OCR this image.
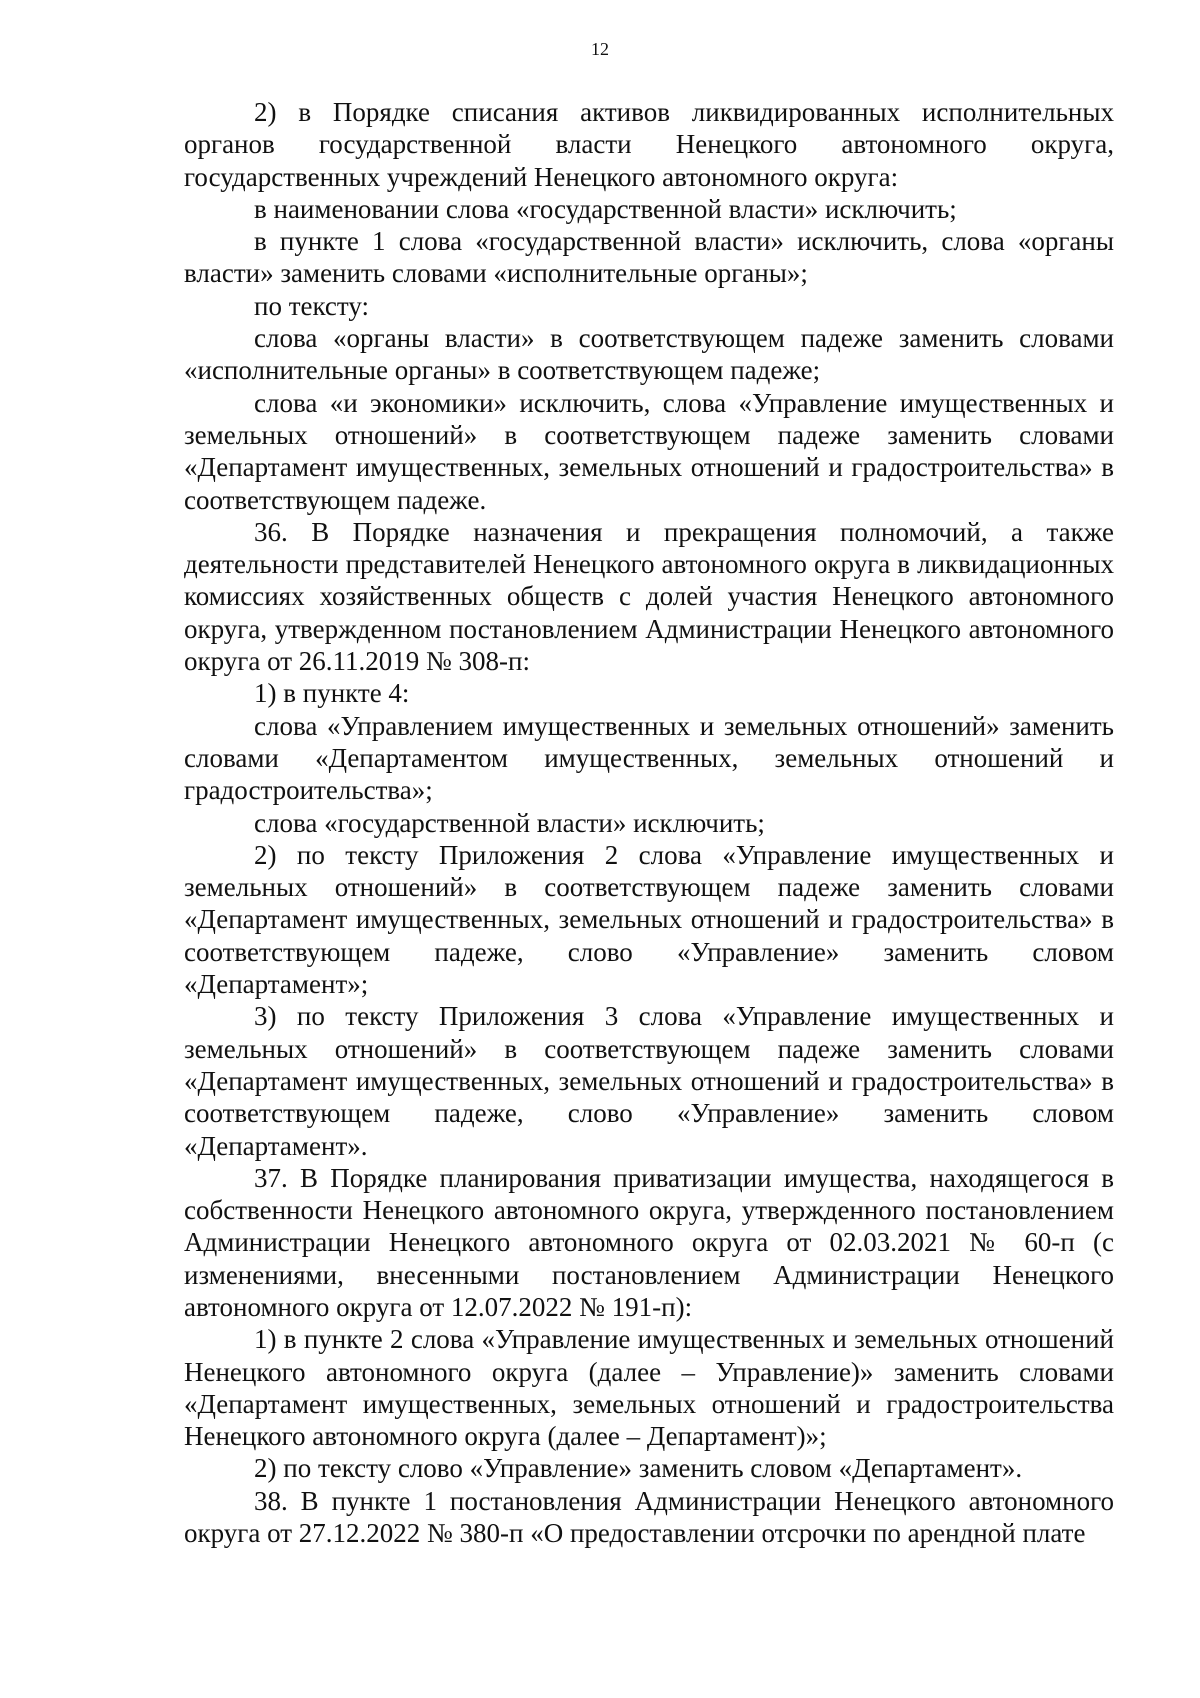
12

2) в Порядке списания активов ликвидированных исполнительных органов государственной власти Ненецкого автономного округа, государственных учреждений Ненецкого автономного округа:

в наименовании слова «государственной власти» исключить;

в пункте 1 слова «государственной власти» исключить, слова «органы власти» заменить словами «исполнительные органы»;

по тексту:

слова «органы власти» в соответствующем падеже заменить словами «исполнительные органы» в соответствующем падеже;

слова «и экономики» исключить, слова «Управление имущественных и земельных отношений» в соответствующем падеже заменить словами «Департамент имущественных, земельных отношений и градостроительства» в соответствующем падеже.

36. В Порядке назначения и прекращения полномочий, а также деятельности представителей Ненецкого автономного округа в ликвидационных комиссиях хозяйственных обществ с долей участия Ненецкого автономного округа, утвержденном постановлением Администрации Ненецкого автономного округа от 26.11.2019 № 308-п:

1) в пункте 4:

слова «Управлением имущественных и земельных отношений» заменить словами «Департаментом имущественных, земельных отношений и градостроительства»;

слова «государственной власти» исключить;

2) по тексту Приложения 2 слова «Управление имущественных и земельных отношений» в соответствующем падеже заменить словами «Департамент имущественных, земельных отношений и градостроительства» в соответствующем падеже, слово «Управление» заменить словом «Департамент»;

3) по тексту Приложения 3 слова «Управление имущественных и земельных отношений» в соответствующем падеже заменить словами «Департамент имущественных, земельных отношений и градостроительства» в соответствующем падеже, слово «Управление» заменить словом «Департамент».

37. В Порядке планирования приватизации имущества, находящегося в собственности Ненецкого автономного округа, утвержденного постановлением Администрации Ненецкого автономного округа от 02.03.2021 № 60-п (с изменениями, внесенными постановлением Администрации Ненецкого автономного округа от 12.07.2022 № 191-п):

1) в пункте 2 слова «Управление имущественных и земельных отношений Ненецкого автономного округа (далее – Управление)» заменить словами «Департамент имущественных, земельных отношений и градостроительства Ненецкого автономного округа (далее – Департамент)»;

2) по тексту слово «Управление» заменить словом «Департамент».

38. В пункте 1 постановления Администрации Ненецкого автономного округа от 27.12.2022 № 380-п «О предоставлении отсрочки по арендной плате
